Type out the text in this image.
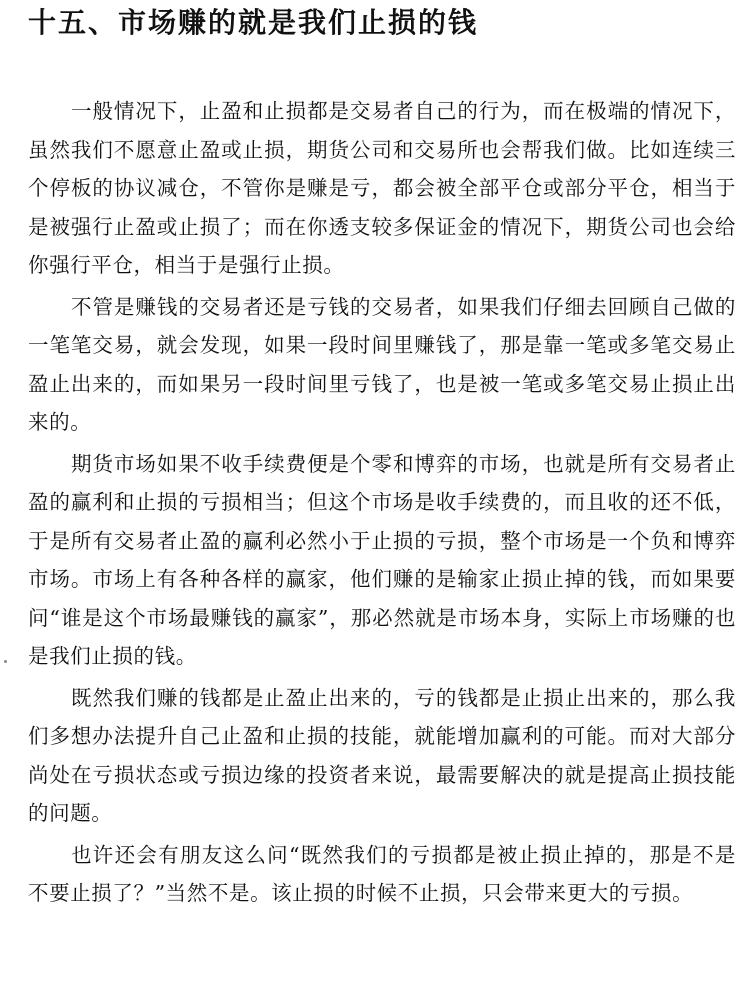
十五、市场赚的就是我们止损的钱

一般情况下，止盈和止损都是交易者自己的行为，而在极端的情况下，虽然我们不愿意止盈或止损，期货公司和交易所也会帮我们做。比如连续三个停板的协议减仓，不管你是赚是亏，都会被全部平仓或部分平仓，相当于是被强行止盈或止损了；而在你透支较多保证金的情况下，期货公司也会给你强行平仓，相当于是强行止损。

不管是赚钱的交易者还是亏钱的交易者，如果我们仔细去回顾自己做的一笔笔交易，就会发现，如果一段时间里赚钱了，那是靠一笔或多笔交易止盈止出来的，而如果另一段时间里亏钱了，也是被一笔或多笔交易止损止出来的。

期货市场如果不收手续费便是个零和博弈的市场，也就是所有交易者止盈的赢利和止损的亏损相当；但这个市场是收手续费的，而且收的还不低，于是所有交易者止盈的赢利必然小于止损的亏损，整个市场是一个负和博弈市场。市场上有各种各样的赢家，他们赚的是输家止损止掉的钱，而如果要问“谁是这个市场最赚钱的赢家”，那必然就是市场本身，实际上市场赚的也是我们止损的钱。

既然我们赚的钱都是止盈止出来的，亏的钱都是止损止出来的，那么我们多想办法提升自己止盈和止损的技能，就能增加赢利的可能。而对大部分尚处在亏损状态或亏损边缘的投资者来说，最需要解决的就是提高止损技能的问题。

也许还会有朋友这么问“既然我们的亏损都是被止损止掉的，那是不是不要止损了？”当然不是。该止损的时候不止损，只会带来更大的亏损。
